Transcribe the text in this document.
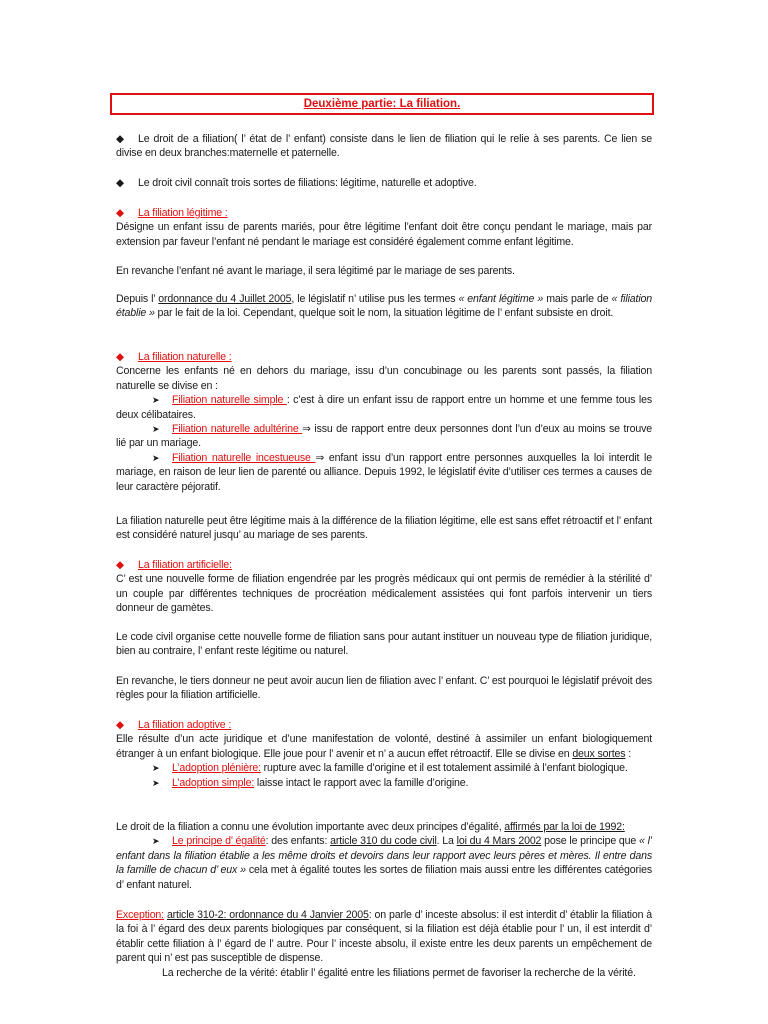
Deuxième partie: La filiation.

◆ Le droit de a filiation( l’ état de l’ enfant) consiste dans le lien de filiation qui le relie à ses parents. Ce lien se divise en deux branches:maternelle et paternelle.

◆ Le droit civil connaît trois sortes de filiations: légitime, naturelle et adoptive.

◆ La filiation légitime :

Désigne un enfant issu de parents mariés, pour être légitime l’enfant doit être conçu pendant le mariage, mais par extension par faveur l’enfant né pendant le mariage est considéré également comme enfant légitime.

En revanche l’enfant né avant le mariage, il sera légitimé par le mariage de ses parents.

Depuis l’ ordonnance du 4 Juillet 2005, le législatif n’ utilise pus les termes « enfant légitime » mais parle de « filiation établie » par le fait de la loi. Cependant, quelque soit le nom, la situation légitime de l’ enfant subsiste en droit.

◆ La filiation naturelle :

Concerne les enfants né en dehors du mariage, issu d’un concubinage ou les parents sont passés, la filiation naturelle se divise en :

➤ Filiation naturelle simple : c’est à dire un enfant issu de rapport entre un homme et une femme tous les deux célibataires.

➤ Filiation naturelle adultérine ⇒ issu de rapport entre deux personnes dont l’un d’eux au moins se trouve lié par un mariage.

➤ Filiation naturelle incestueuse ⇒ enfant issu d’un rapport entre personnes auxquelles la loi interdit le mariage, en raison de leur lien de parenté ou alliance. Depuis 1992, le législatif évite d’utiliser ces termes a causes de leur caractère péjoratif.

La filiation naturelle peut être légitime mais à la différence de la filiation légitime, elle est sans effet rétroactif et l’ enfant est considéré naturel jusqu’ au mariage de ses parents.

◆ La filiation artificielle:

C’ est une nouvelle forme de filiation engendrée par les progrès médicaux qui ont permis de remédier à la stérilité d’ un couple par différentes techniques de procréation médicalement assistées qui font parfois intervenir un tiers donneur de gamètes.

Le code civil organise cette nouvelle forme de filiation sans pour autant instituer un nouveau type de filiation juridique, bien au contraire, l’ enfant reste légitime ou naturel.

En revanche, le tiers donneur ne peut avoir aucun lien de filiation avec l’ enfant. C’ est pourquoi le législatif prévoit des règles pour la filiation artificielle.

◆ La filiation adoptive :

Elle résulte d’un acte juridique et d’une manifestation de volonté, destiné à assimiler un enfant biologiquement étranger à un enfant biologique. Elle joue pour l’ avenir et n’ a aucun effet rétroactif. Elle se divise en deux sortes :

➤ L’adoption plénière: rupture avec la famille d’origine et il est totalement assimilé à l’enfant biologique.

➤ L’adoption simple: laisse intact le rapport avec la famille d’origine.

Le droit de la filiation a connu une évolution importante avec deux principes d’égalité, affirmés par la loi de 1992:

➤ Le principe d’ égalité: des enfants: article 310 du code civil. La loi du 4 Mars 2002 pose le principe que « l’ enfant dans la filiation établie a les même droits et devoirs dans leur rapport avec leurs pères et mères. Il entre dans la famille de chacun d’ eux » cela met à égalité toutes les sortes de filiation mais aussi entre les différentes catégories d’ enfant naturel.

Exception: article 310-2: ordonnance du 4 Janvier 2005: on parle d’ inceste absolus: il est interdit d’ établir la filiation à la foi à l’ égard des deux parents biologiques par conséquent, si la filiation est déjà établie pour l’ un, il est interdit d’ établir cette filiation à l’ égard de l’ autre. Pour l’ inceste absolu, il existe entre les deux parents un empêchement de parent qui n’ est pas susceptible de dispense.

La recherche de la vérité: établir l’ égalité entre les filiations permet de favoriser la recherche de la vérité.
